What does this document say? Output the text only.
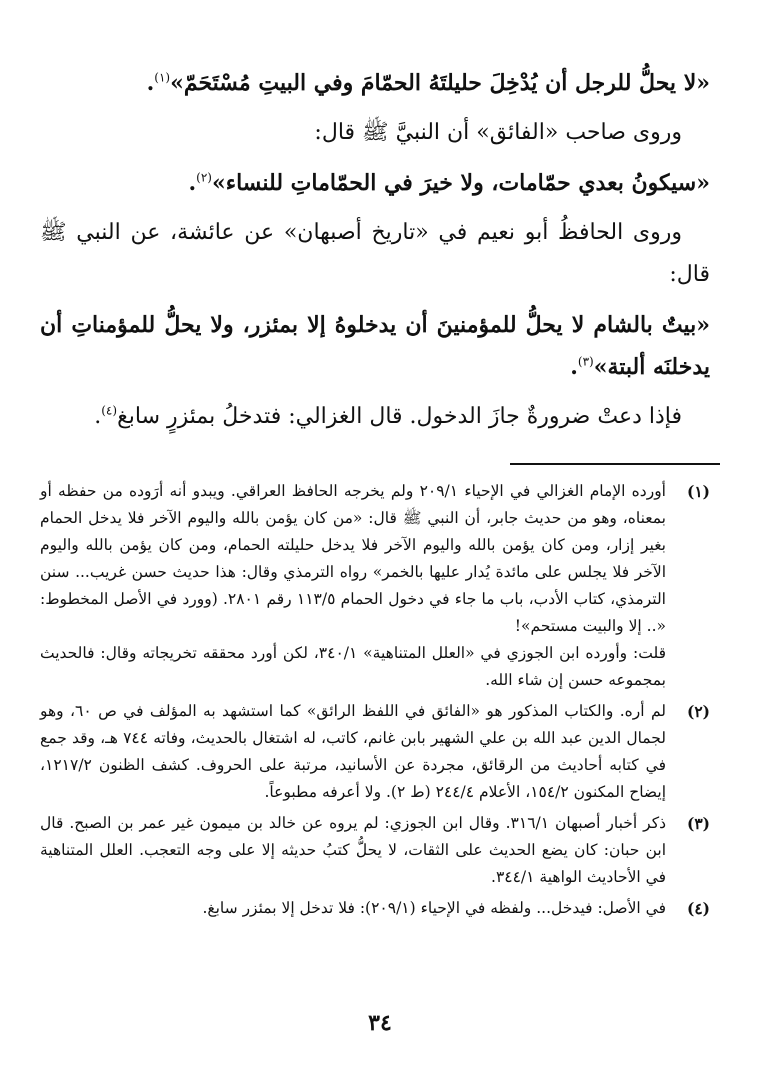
«لا يحلُّ للرجل أن يُدْخِلَ حليلتَهُ الحمّامَ وفي البيتِ مُسْتَحَمّ»$^{(١)}$.

وروى صاحب «الفائق» أن النبيَّ ﷺ قال:

«سيكونُ بعدي حمّامات، ولا خيرَ في الحمّاماتِ للنساء»$^{(٢)}$.

وروى الحافظُ أبو نعيم في «تاريخ أصبهان» عن عائشة، عن النبي ﷺ قال:

«بيتٌ بالشام لا يحلُّ للمؤمنينَ أن يدخلوهُ إلا بمئزر، ولا يحلُّ للمؤمناتِ أن يدخلنَه ألبتة»$^{(٣)}$.

فإذا دعتْ ضرورةٌ جازَ الدخول. قال الغزالي: فتدخلُ بمئزرٍ سابغ$^{(٤)}$.

(١)

أورده الإمام الغزالي في الإحياء ٢٠٩/١ ولم يخرجه الحافظ العراقي. ويبدو أنه أرَوده من حفظه أو بمعناه، وهو من حديث جابر، أن النبي ﷺ قال: «من كان يؤمن بالله واليوم الآخر فلا يدخل الحمام بغير إزار، ومن كان يؤمن بالله واليوم الآخر فلا يدخل حليلته الحمام، ومن كان يؤمن بالله واليوم الآخر فلا يجلس على مائدة يُدار عليها بالخمر» رواه الترمذي وقال: هذا حديث حسن غريب... سنن الترمذي، كتاب الأدب، باب ما جاء في دخول الحمام ١١٣/٥ رقم ٢٨٠١. (وورد في الأصل المخطوط: «.. إلا والبيت مستحم»!

قلت: وأورده ابن الجوزي في «العلل المتناهية» ٣٤٠/١، لكن أورد محققه تخريجاته وقال: فالحديث بمجموعه حسن إن شاء الله.

(٢)

لم أره. والكتاب المذكور هو «الفائق في اللفظ الرائق» كما استشهد به المؤلف في ص ٦٠، وهو لجمال الدين عبد الله بن علي الشهير بابن غانم، كاتب، له اشتغال بالحديث، وفاته ٧٤٤ هـ، وقد جمع في كتابه أحاديث من الرقائق، مجردة عن الأسانيد، مرتبة على الحروف. كشف الظنون ١٢١٧/٢، إيضاح المكنون ١٥٤/٢، الأعلام ٢٤٤/٤ (ط ٢). ولا أعرفه مطبوعاً.

(٣)

ذكر أخبار أصبهان ٣١٦/١. وقال ابن الجوزي: لم يروه عن خالد بن ميمون غير عمر بن الصبح. قال ابن حبان: كان يضع الحديث على الثقات، لا يحلُّ كتبُ حديثه إلا على وجه التعجب. العلل المتناهية في الأحاديث الواهية ٣٤٤/١.

(٤)

في الأصل: فيدخل... ولفظه في الإحياء (٢٠٩/١): فلا تدخل إلا بمئزر سابغ.

٣٤
